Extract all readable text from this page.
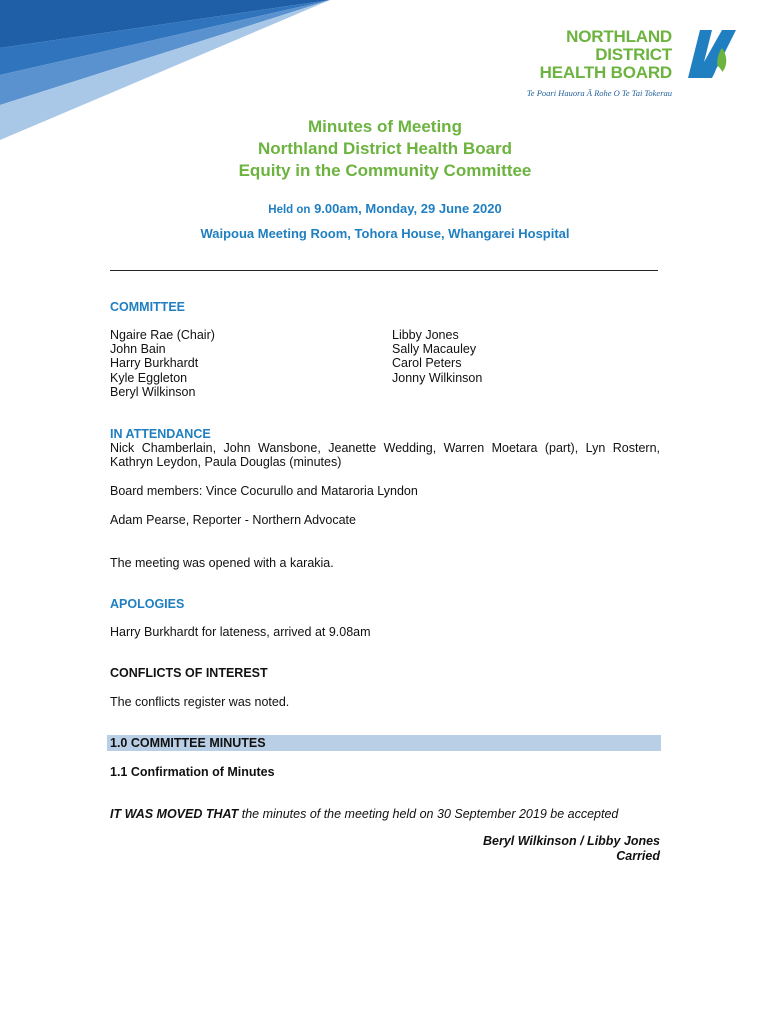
NORTHLAND DISTRICT
HEALTH BOARD
Te Poari Hauora Ā Rohe O Te Tai Tokerau
Minutes of Meeting
Northland District Health Board
Equity in the Community Committee
Held on 9.00am, Monday, 29 June 2020
Waipoua Meeting Room, Tohora House, Whangarei Hospital
COMMITTEE
Ngaire Rae (Chair)
John Bain
Harry Burkhardt
Kyle Eggleton
Beryl Wilkinson
Libby Jones
Sally Macauley
Carol Peters
Jonny Wilkinson
IN ATTENDANCE
Nick Chamberlain, John Wansbone, Jeanette Wedding, Warren Moetara (part), Lyn Rostern, Kathryn Leydon, Paula Douglas (minutes)
Board members: Vince Cocurullo and Mataroria Lyndon
Adam Pearse, Reporter - Northern Advocate
The meeting was opened with a karakia.
APOLOGIES
Harry Burkhardt for lateness, arrived at 9.08am
CONFLICTS OF INTEREST
The conflicts register was noted.
1.0 COMMITTEE MINUTES
1.1 Confirmation of Minutes
IT WAS MOVED THAT the minutes of the meeting held on 30 September 2019 be accepted
Beryl Wilkinson / Libby Jones
Carried
